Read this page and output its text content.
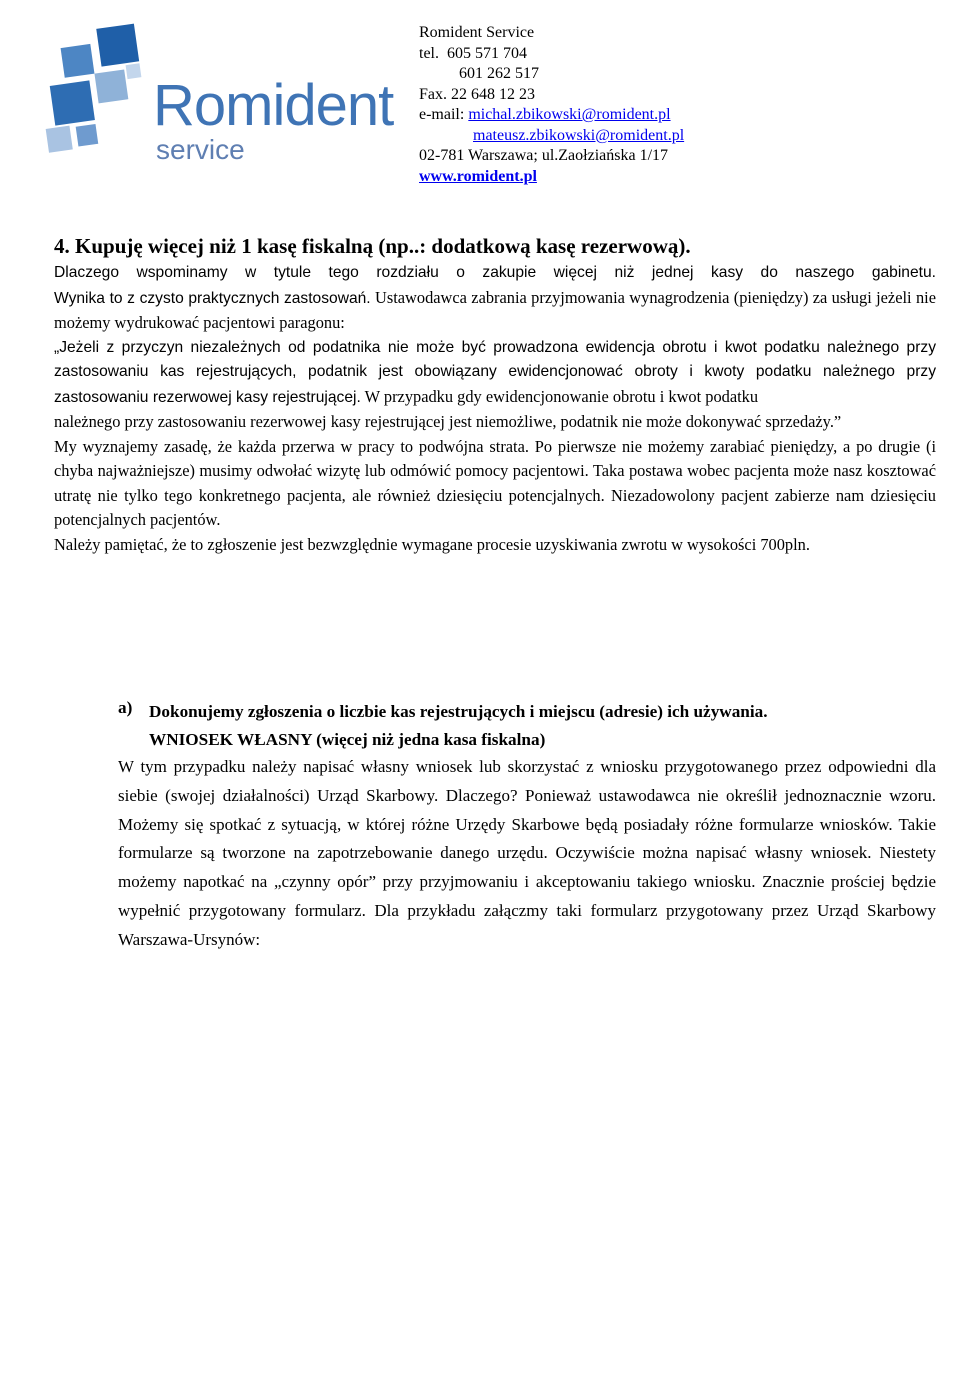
Romident
service
Romident Service
tel. 605 571 704
601 262 517
Fax. 22 648 12 23
e-mail: michal.zbikowski@romident.pl
mateusz.zbikowski@romident.pl
02-781 Warszawa; ul.Zaołziańska 1/17
www.romident.pl
4. Kupuję więcej niż 1 kasę fiskalną (np..: dodatkową kasę rezerwową).

Dlaczego wspominamy w tytule tego rozdziału o zakupie więcej niż jednej kasy do naszego gabinetu.

Wynika to z czysto praktycznych zastosowań. Ustawodawca zabrania przyjmowania wynagrodzenia (pieniędzy) za usługi jeżeli nie możemy wydrukować pacjentowi paragonu:

„Jeżeli z przyczyn niezależnych od podatnika nie może być prowadzona ewidencja obrotu i kwot podatku należnego przy zastosowaniu kas rejestrujących, podatnik jest obowiązany ewidencjonować obroty i kwoty podatku należnego przy zastosowaniu rezerwowej kasy rejestrującej. W przypadku gdy ewidencjonowanie obrotu i kwot podatku

należnego przy zastosowaniu rezerwowej kasy rejestrującej jest niemożliwe, podatnik nie może dokonywać sprzedaży.”

My wyznajemy zasadę, że każda przerwa w pracy to podwójna strata. Po pierwsze nie możemy zarabiać pieniędzy, a po drugie (i chyba najważniejsze) musimy odwołać wizytę lub odmówić pomocy pacjentowi. Taka postawa wobec pacjenta może nasz kosztować utratę nie tylko tego konkretnego pacjenta, ale również dziesięciu potencjalnych. Niezadowolony pacjent zabierze nam dziesięciu potencjalnych pacjentów.

Należy pamiętać, że to zgłoszenie jest bezwzględnie wymagane procesie uzyskiwania zwrotu w wysokości 700pln.

a) Dokonujemy zgłoszenia o liczbie kas rejestrujących i miejscu (adresie) ich używania.

WNIOSEK WŁASNY (więcej niż jedna kasa fiskalna)

W tym przypadku należy napisać własny wniosek lub skorzystać z wniosku przygotowanego przez odpowiedni dla siebie (swojej działalności) Urząd Skarbowy. Dlaczego? Ponieważ ustawodawca nie określił jednoznacznie wzoru. Możemy się spotkać z sytuacją, w której różne Urzędy Skarbowe będą posiadały różne formularze wniosków. Takie formularze są tworzone na zapotrzebowanie danego urzędu. Oczywiście można napisać własny wniosek. Niestety możemy napotkać na „czynny opór” przy przyjmowaniu i akceptowaniu takiego wniosku. Znacznie prościej będzie wypełnić przygotowany formularz. Dla przykładu załączmy taki formularz przygotowany przez Urząd Skarbowy Warszawa-Ursynów:
